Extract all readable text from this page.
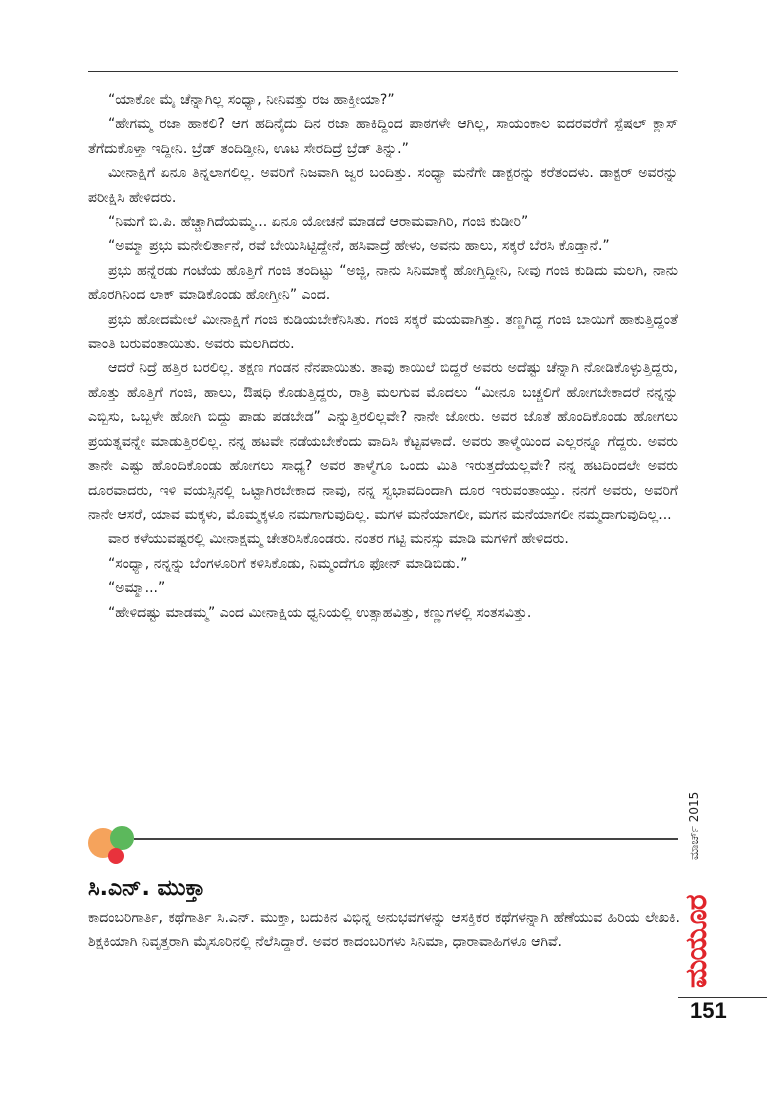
“ಯಾಕೋ ಮೈ ಚೆನ್ನಾಗಿಲ್ಲ ಸಂಧ್ಯಾ, ನೀನಿವತ್ತು ರಜ ಹಾಕ್ತೀಯಾ?”

“ಹೇಗಮ್ಮ ರಜಾ ಹಾಕಲಿ? ಆಗ ಹದಿನೈದು ದಿನ ರಜಾ ಹಾಕಿದ್ದಿಂದ ಪಾಠಗಳೇ ಆಗಿಲ್ಲ, ಸಾಯಂಕಾಲ ಐದರವರೆಗೆ ಸ್ಪೆಷಲ್ ಕ್ಲಾಸ್ ತೆಗೆದುಕೊಳ್ತಾ ಇದ್ದೀನಿ. ಬ್ರೆಡ್ ತಂದಿಡ್ತೀನಿ, ಊಟ ಸೇರದಿದ್ರೆ ಬ್ರೆಡ್ ತಿನ್ನು.”

ಮೀನಾಕ್ಷಿಗೆ ಏನೂ ತಿನ್ನಲಾಗಲಿಲ್ಲ. ಅವರಿಗೆ ನಿಜವಾಗಿ ಜ್ವರ ಬಂದಿತ್ತು. ಸಂಧ್ಯಾ ಮನೆಗೇ ಡಾಕ್ಟರನ್ನು ಕರೆತಂದಳು. ಡಾಕ್ಟರ್ ಅವರನ್ನು ಪರೀಕ್ಷಿಸಿ ಹೇಳಿದರು.

“ನಿಮಗೆ ಬಿ.ಪಿ. ಹೆಚ್ಚಾಗಿದೆಯಮ್ಮ... ಏನೂ ಯೋಚನೆ ಮಾಡದೆ ಆರಾಮವಾಗಿರಿ, ಗಂಜಿ ಕುಡೀರಿ”

“ಅಮ್ಮಾ ಪ್ರಭು ಮನೇಲಿರ್ತಾನೆ, ರವೆ ಬೇಯಿಸಿಟ್ಟಿದ್ದೇನೆ, ಹಸಿವಾದ್ರೆ ಹೇಳು, ಅವನು ಹಾಲು, ಸಕ್ಕರೆ ಬೆರಸಿ ಕೊಡ್ತಾನೆ.”

ಪ್ರಭು ಹನ್ನೆರಡು ಗಂಟೆಯ ಹೊತ್ತಿಗೆ ಗಂಜಿ ತಂದಿಟ್ಟು “ಅಜ್ಜಿ, ನಾನು ಸಿನಿಮಾಕ್ಕೆ ಹೋಗ್ತಿದ್ದೀನಿ, ನೀವು ಗಂಜಿ ಕುಡಿದು ಮಲಗಿ, ನಾನು ಹೊರಗಿನಿಂದ ಲಾಕ್ ಮಾಡಿಕೊಂಡು ಹೋಗ್ತೀನಿ” ಎಂದ.

ಪ್ರಭು ಹೋದಮೇಲೆ ಮೀನಾಕ್ಷಿಗೆ ಗಂಜಿ ಕುಡಿಯಬೇಕೆನಿಸಿತು. ಗಂಜಿ ಸಕ್ಕರೆ ಮಯವಾಗಿತ್ತು. ತಣ್ಣಗಿದ್ದ ಗಂಜಿ ಬಾಯಿಗೆ ಹಾಕುತ್ತಿದ್ದಂತೆ ವಾಂತಿ ಬರುವಂತಾಯಿತು. ಅವರು ಮಲಗಿದರು.

ಆದರೆ ನಿದ್ರೆ ಹತ್ತಿರ ಬರಲಿಲ್ಲ. ತಕ್ಷಣ ಗಂಡನ ನೆನಪಾಯಿತು. ತಾವು ಕಾಯಿಲೆ ಬಿದ್ದರೆ ಅವರು ಅದೆಷ್ಟು ಚೆನ್ನಾಗಿ ನೋಡಿಕೊಳ್ಳುತ್ತಿದ್ದರು, ಹೊತ್ತು ಹೊತ್ತಿಗೆ ಗಂಜಿ, ಹಾಲು, ಔಷಧಿ ಕೊಡುತ್ತಿದ್ದರು, ರಾತ್ರಿ ಮಲಗುವ ಮೊದಲು “ಮೀನೂ ಬಚ್ಚಲಿಗೆ ಹೋಗಬೇಕಾದರೆ ನನ್ನನ್ನು ಎಬ್ಬಿಸು, ಒಬ್ಬಳೇ ಹೋಗಿ ಬಿದ್ದು ಪಾಡು ಪಡಬೇಡ” ಎನ್ನುತ್ತಿರಲಿಲ್ಲವೇ? ನಾನೇ ಜೋರು. ಅವರ ಜೊತೆ ಹೊಂದಿಕೊಂಡು ಹೋಗಲು ಪ್ರಯತ್ನವನ್ನೇ ಮಾಡುತ್ತಿರಲಿಲ್ಲ. ನನ್ನ ಹಟವೇ ನಡೆಯಬೇಕೆಂದು ವಾದಿಸಿ ಕೆಟ್ಟವಳಾದೆ. ಅವರು ತಾಳ್ಮೆಯಿಂದ ಎಲ್ಲರನ್ನೂ ಗೆದ್ದರು. ಅವರು ತಾನೇ ಎಷ್ಟು ಹೊಂದಿಕೊಂಡು ಹೋಗಲು ಸಾಧ್ಯ? ಅವರ ತಾಳ್ಮೆಗೂ ಒಂದು ಮಿತಿ ಇರುತ್ತದೆಯಲ್ಲವೇ? ನನ್ನ ಹಟದಿಂದಲೇ ಅವರು ದೂರವಾದರು, ಇಳಿ ವಯಸ್ಸಿನಲ್ಲಿ ಒಟ್ಟಾಗಿರಬೇಕಾದ ನಾವು, ನನ್ನ ಸ್ವಭಾವದಿಂದಾಗಿ ದೂರ ಇರುವಂತಾಯ್ತು. ನನಗೆ ಅವರು, ಅವರಿಗೆ ನಾನೇ ಆಸರೆ, ಯಾವ ಮಕ್ಕಳು, ಮೊಮ್ಮಕ್ಕಳೂ ನಮಗಾಗುವುದಿಲ್ಲ. ಮಗಳ ಮನೆಯಾಗಲೀ, ಮಗನ ಮನೆಯಾಗಲೀ ನಮ್ಮದಾಗುವುದಿಲ್ಲ...

ವಾರ ಕಳೆಯುವಷ್ಟರಲ್ಲಿ ಮೀನಾಕ್ಷಮ್ಮ ಚೇತರಿಸಿಕೊಂಡರು. ನಂತರ ಗಟ್ಟಿ ಮನಸ್ಸು ಮಾಡಿ ಮಗಳಿಗೆ ಹೇಳಿದರು.

“ಸಂಧ್ಯಾ, ನನ್ನನ್ನು ಬೆಂಗಳೂರಿಗೆ ಕಳಿಸಿಕೊಡು, ನಿಮ್ಮಂದೆಗೂ ಫೋನ್ ಮಾಡಿಬಿಡು.”

“ಅಮ್ಮಾ...”

“ಹೇಳಿದಷ್ಟು ಮಾಡಮ್ಮ” ಎಂದ ಮೀನಾಕ್ಷಿಯ ಧ್ವನಿಯಲ್ಲಿ ಉತ್ಸಾಹವಿತ್ತು, ಕಣ್ಣುಗಳಲ್ಲಿ ಸಂತಸವಿತ್ತು.

ಸಿ.ಎನ್. ಮುಕ್ತಾ
ಕಾದಂಬರಿಗಾರ್ತಿ, ಕಥೆಗಾರ್ತಿ ಸಿ.ಎನ್. ಮುಕ್ತಾ, ಬದುಕಿನ ವಿಭಿನ್ನ ಅನುಭವಗಳನ್ನು ಆಸಕ್ತಿಕರ ಕಥೆಗಳನ್ನಾಗಿ ಹೆಣೆಯುವ ಹಿರಿಯ ಲೇಖಕಿ. ಶಿಕ್ಷಕಿಯಾಗಿ ನಿವೃತ್ತರಾಗಿ ಮೈಸೂರಿನಲ್ಲಿ ನೆಲೆಸಿದ್ದಾರೆ. ಅವರ ಕಾದಂಬರಿಗಳು ಸಿನಿಮಾ, ಧಾರಾವಾಹಿಗಳೂ ಆಗಿವೆ.
ಮಾರ್ಚ್ 2015
ಮಯೂರ
151
